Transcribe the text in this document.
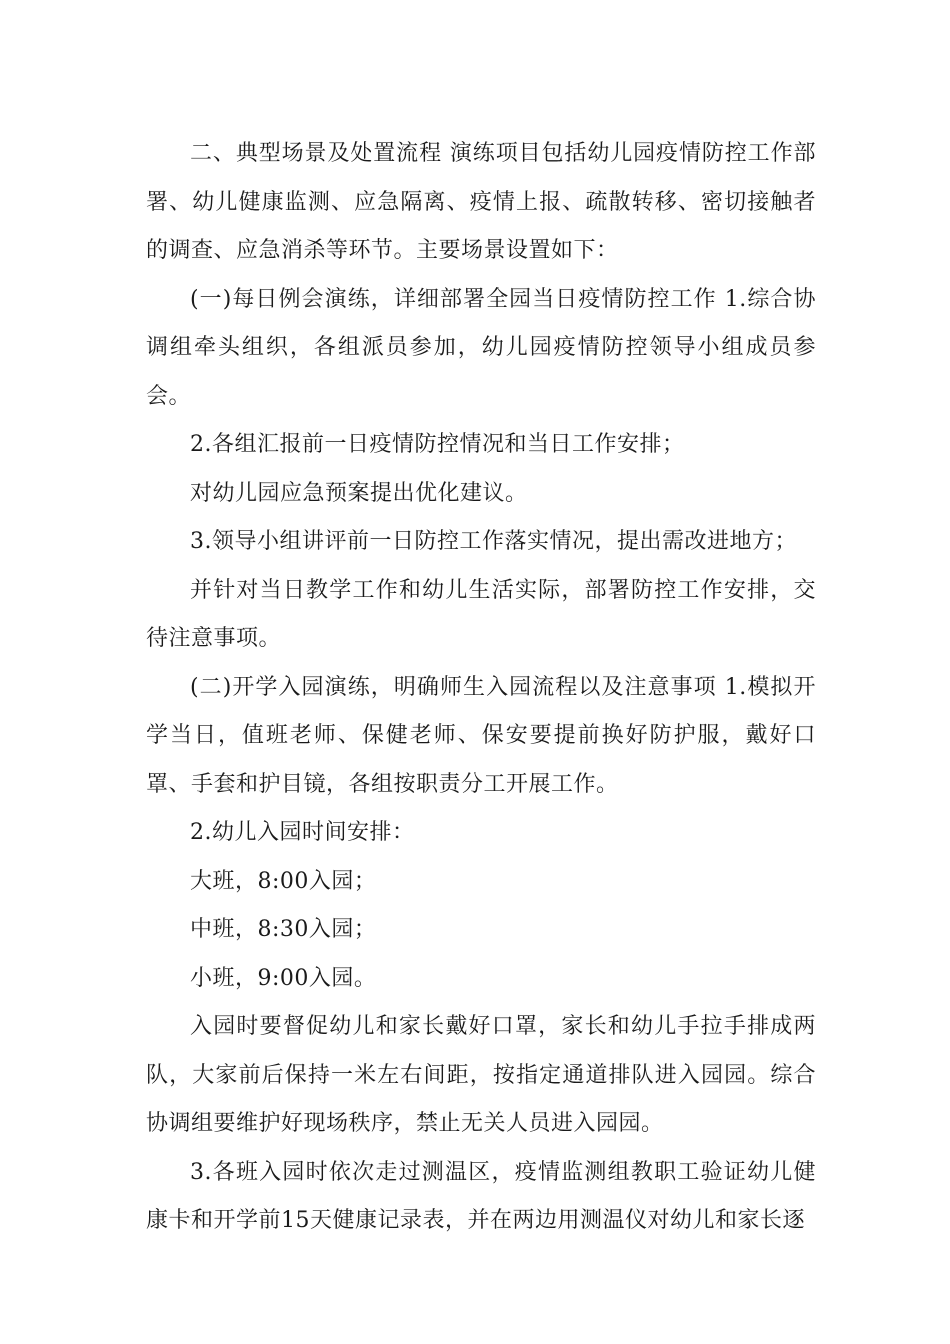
二、典型场景及处置流程 演练项目包括幼儿园疫情防控工作部署、幼儿健康监测、应急隔离、疫情上报、疏散转移、密切接触者的调查、应急消杀等环节。主要场景设置如下：

(一)每日例会演练，详细部署全园当日疫情防控工作 1.综合协调组牵头组织，各组派员参加，幼儿园疫情防控领导小组成员参会。

2.各组汇报前一日疫情防控情况和当日工作安排；

对幼儿园应急预案提出优化建议。

3.领导小组讲评前一日防控工作落实情况，提出需改进地方；

并针对当日教学工作和幼儿生活实际，部署防控工作安排，交待注意事项。

(二)开学入园演练，明确师生入园流程以及注意事项 1.模拟开学当日，值班老师、保健老师、保安要提前换好防护服，戴好口罩、手套和护目镜，各组按职责分工开展工作。

2.幼儿入园时间安排：

大班，8:00入园；

中班，8:30入园；

小班，9:00入园。

入园时要督促幼儿和家长戴好口罩，家长和幼儿手拉手排成两队，大家前后保持一米左右间距，按指定通道排队进入园园。综合协调组要维护好现场秩序，禁止无关人员进入园园。

3.各班入园时依次走过测温区，疫情监测组教职工验证幼儿健康卡和开学前15天健康记录表，并在两边用测温仪对幼儿和家长逐
